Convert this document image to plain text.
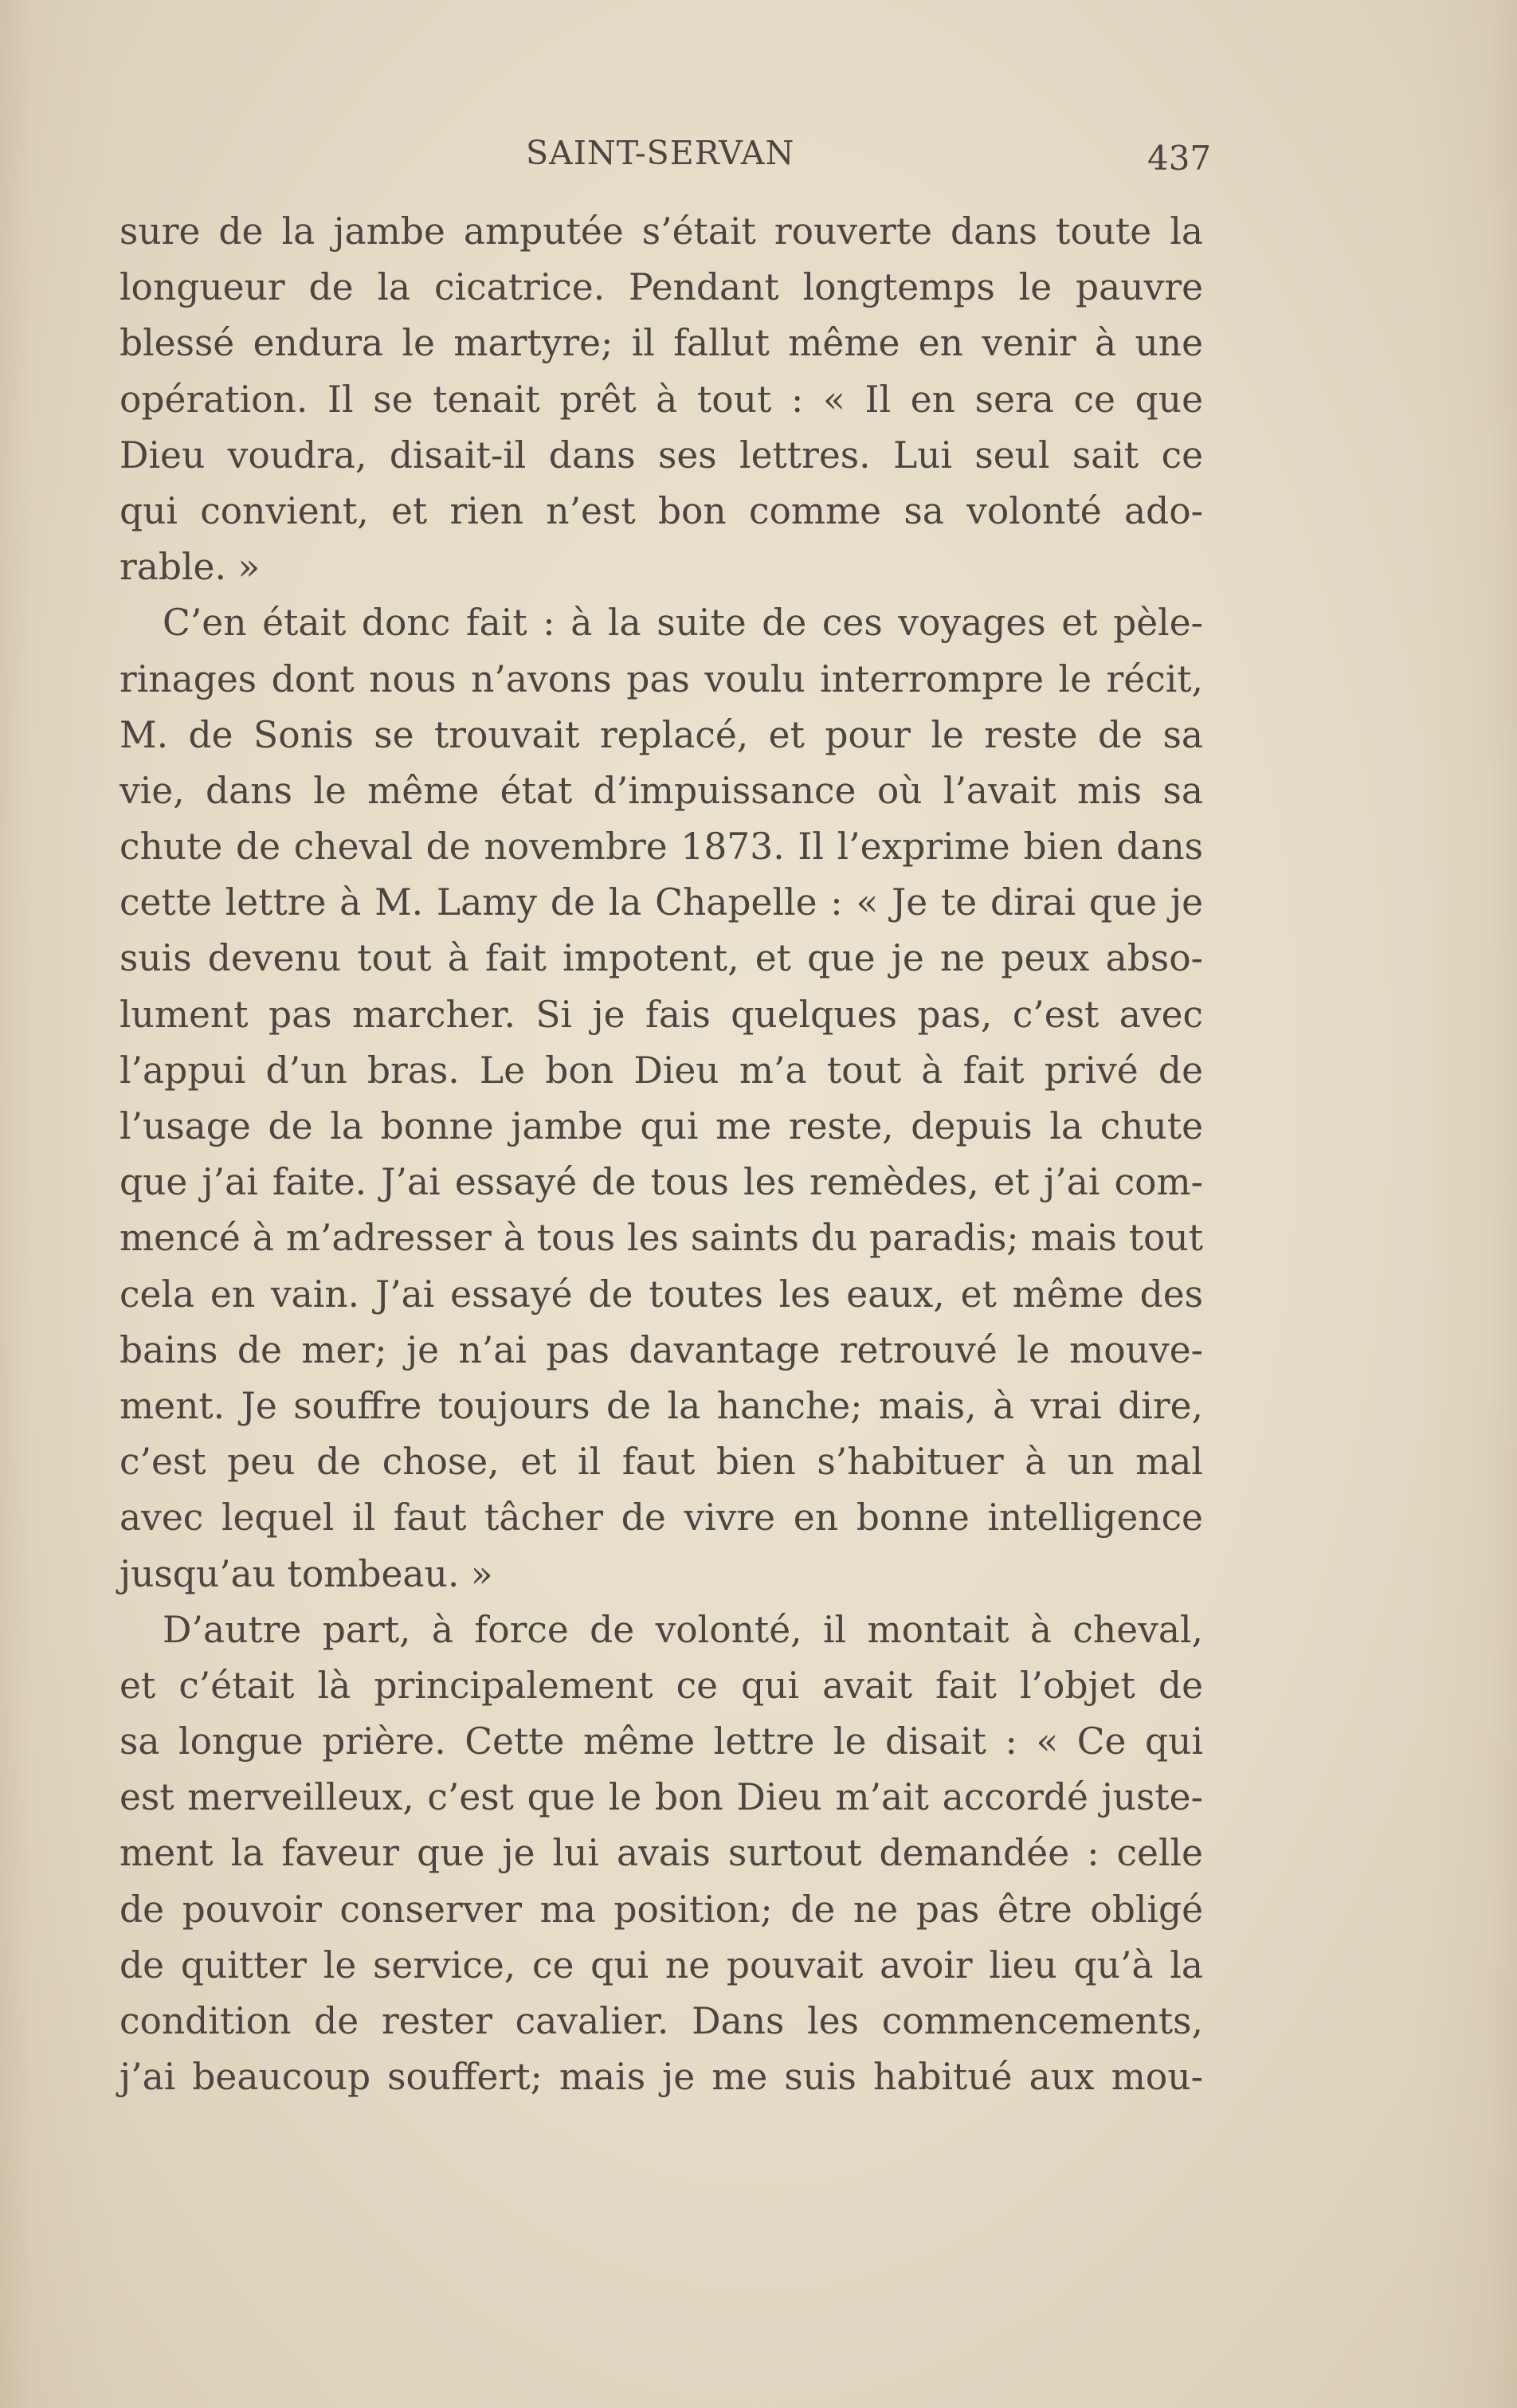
SAINT-SERVAN	437
sure de la jambe amputée s’était rouverte dans toute la
longueur de la cicatrice. Pendant longtemps le pauvre
blessé endura le martyre; il fallut même en venir à une
opération. Il se tenait prêt à tout : « Il en sera ce que
Dieu voudra, disait-il dans ses lettres. Lui seul sait ce
qui convient, et rien n’est bon comme sa volonté ado-
rable. »
C’en était donc fait : à la suite de ces voyages et pèle-
rinages dont nous n’avons pas voulu interrompre le récit,
M. de Sonis se trouvait replacé, et pour le reste de sa
vie, dans le même état d’impuissance où l’avait mis sa
chute de cheval de novembre 1873. Il l’exprime bien dans
cette lettre à M. Lamy de la Chapelle : « Je te dirai que je
suis devenu tout à fait impotent, et que je ne peux abso-
lument pas marcher. Si je fais quelques pas, c’est avec
l’appui d’un bras. Le bon Dieu m’a tout à fait privé de
l’usage de la bonne jambe qui me reste, depuis la chute
que j’ai faite. J’ai essayé de tous les remèdes, et j’ai com-
mencé à m’adresser à tous les saints du paradis; mais tout
cela en vain. J’ai essayé de toutes les eaux, et même des
bains de mer; je n’ai pas davantage retrouvé le mouve-
ment. Je souffre toujours de la hanche; mais, à vrai dire,
c’est peu de chose, et il faut bien s’habituer à un mal
avec lequel il faut tâcher de vivre en bonne intelligence
jusqu’au tombeau. »
D’autre part, à force de volonté, il montait à cheval,
et c’était là principalement ce qui avait fait l’objet de
sa longue prière. Cette même lettre le disait : « Ce qui
est merveilleux, c’est que le bon Dieu m’ait accordé juste-
ment la faveur que je lui avais surtout demandée : celle
de pouvoir conserver ma position; de ne pas être obligé
de quitter le service, ce qui ne pouvait avoir lieu qu’à la
condition de rester cavalier. Dans les commencements,
j’ai beaucoup souffert; mais je me suis habitué aux mou-
